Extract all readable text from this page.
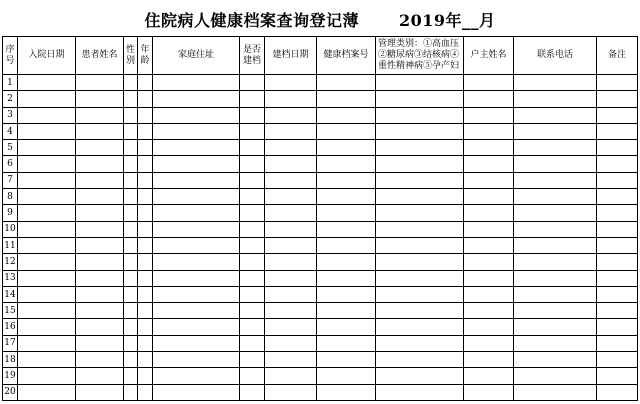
住院病人健康档案查询登记薄	2019年__月
序号	入院日期	患者姓名	性别	年龄	家庭住址	是否建档	建档日期	健康档案号	管理类别：①高血压②糖尿病③结核病④重性精神病⑤孕产妇	户主姓名	联系电话	备注
1												
2												
3												
4												
5												
6												
7												
8												
9												
10												
11												
12												
13												
14												
15												
16												
17												
18												
19												
20												
